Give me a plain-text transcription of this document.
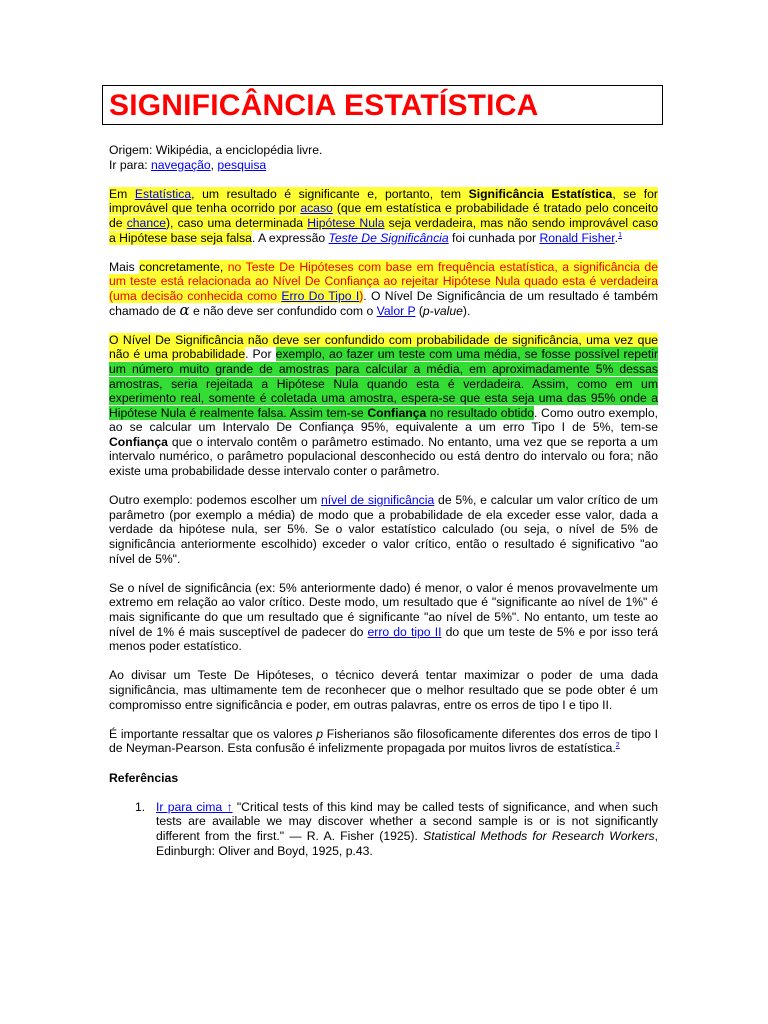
SIGNIFICÂNCIA ESTATÍSTICA

Origem: Wikipédia, a enciclopédia livre.

Ir para: navegação, pesquisa

Em Estatística, um resultado é significante e, portanto, tem Significância Estatística, se for improvável que tenha ocorrido por acaso (que em estatística e probabilidade é tratado pelo conceito de chance), caso uma determinada Hipótese Nula seja verdadeira, mas não sendo improvável caso a Hipótese base seja falsa. A expressão Teste De Significância foi cunhada por Ronald Fisher.$^1$

Mais concretamente, no Teste De Hipóteses com base em frequência estatística, a significância de um teste está relacionada ao Nível De Confiança ao rejeitar Hipótese Nula quado esta é verdadeira (uma decisão conhecida como Erro Do Tipo I). O Nível De Significância de um resultado é também chamado de α e não deve ser confundido com o Valor P (p-value).

O Nível De Significância não deve ser confundido com probabilidade de significância, uma vez que não é uma probabilidade. Por exemplo, ao fazer um teste com uma média, se fosse possível repetir um número muito grande de amostras para calcular a média, em aproximadamente 5% dessas amostras, seria rejeitada a Hipótese Nula quando esta é verdadeira. Assim, como em um experimento real, somente é coletada uma amostra, espera-se que esta seja uma das 95% onde a Hipótese Nula é realmente falsa. Assim tem-se Confiança no resultado obtido. Como outro exemplo, ao se calcular um Intervalo De Confiança 95%, equivalente a um erro Tipo I de 5%, tem-se Confiança que o intervalo contêm o parâmetro estimado. No entanto, uma vez que se reporta a um intervalo numérico, o parâmetro populacional desconhecido ou está dentro do intervalo ou fora; não existe uma probabilidade desse intervalo conter o parâmetro.

Outro exemplo: podemos escolher um nível de significância de 5%, e calcular um valor crítico de um parâmetro (por exemplo a média) de modo que a probabilidade de ela exceder esse valor, dada a verdade da hipótese nula, ser 5%. Se o valor estatístico calculado (ou seja, o nível de 5% de significância anteriormente escolhido) exceder o valor crítico, então o resultado é significativo "ao nível de 5%".

Se o nível de significância (ex: 5% anteriormente dado) é menor, o valor é menos provavelmente um extremo em relação ao valor crítico. Deste modo, um resultado que é "significante ao nível de 1%" é mais significante do que um resultado que é significante "ao nível de 5%". No entanto, um teste ao nível de 1% é mais susceptível de padecer do erro do tipo II do que um teste de 5% e por isso terá menos poder estatístico.

Ao divisar um Teste De Hipóteses, o técnico deverá tentar maximizar o poder de uma dada significância, mas ultimamente tem de reconhecer que o melhor resultado que se pode obter é um compromisso entre significância e poder, em outras palavras, entre os erros de tipo I e tipo II.

É importante ressaltar que os valores p Fisherianos são filosoficamente diferentes dos erros de tipo I de Neyman-Pearson. Esta confusão é infelizmente propagada por muitos livros de estatística.$^2$

Referências

1. Ir para cima ↑ "Critical tests of this kind may be called tests of significance, and when such tests are available we may discover whether a second sample is or is not significantly different from the first." — R. A. Fisher (1925). Statistical Methods for Research Workers, Edinburgh: Oliver and Boyd, 1925, p.43.
